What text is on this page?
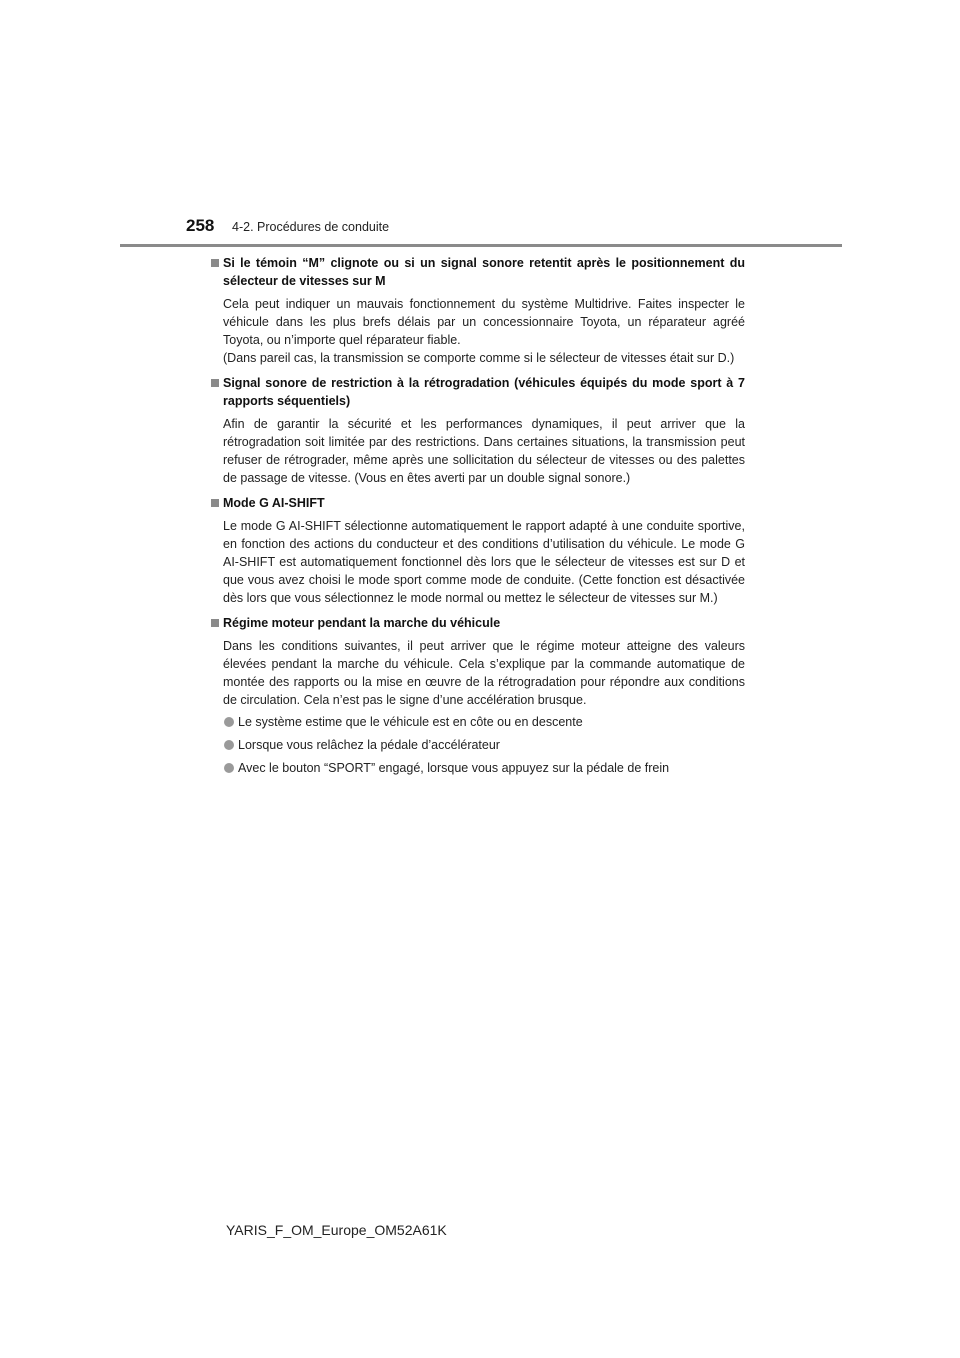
258 4-2. Procédures de conduite
Si le témoin “M” clignote ou si un signal sonore retentit après le positionnement du sélecteur de vitesses sur M

Cela peut indiquer un mauvais fonctionnement du système Multidrive. Faites inspecter le véhicule dans les plus brefs délais par un concessionnaire Toyota, un réparateur agréé Toyota, ou n’importe quel réparateur fiable.

(Dans pareil cas, la transmission se comporte comme si le sélecteur de vitesses était sur D.)

Signal sonore de restriction à la rétrogradation (véhicules équipés du mode sport à 7 rapports séquentiels)

Afin de garantir la sécurité et les performances dynamiques, il peut arriver que la rétrogradation soit limitée par des restrictions. Dans certaines situations, la transmission peut refuser de rétrograder, même après une sollicitation du sélecteur de vitesses ou des palettes de passage de vitesse. (Vous en êtes averti par un double signal sonore.)

Mode G AI-SHIFT

Le mode G AI-SHIFT sélectionne automatiquement le rapport adapté à une conduite sportive, en fonction des actions du conducteur et des conditions d’utilisation du véhicule. Le mode G AI-SHIFT est automatiquement fonctionnel dès lors que le sélecteur de vitesses est sur D et que vous avez choisi le mode sport comme mode de conduite. (Cette fonction est désactivée dès lors que vous sélectionnez le mode normal ou mettez le sélecteur de vitesses sur M.)

Régime moteur pendant la marche du véhicule

Dans les conditions suivantes, il peut arriver que le régime moteur atteigne des valeurs élevées pendant la marche du véhicule. Cela s’explique par la commande automatique de montée des rapports ou la mise en œuvre de la rétrogradation pour répondre aux conditions de circulation. Cela n’est pas le signe d’une accélération brusque.

Le système estime que le véhicule est en côte ou en descente
Lorsque vous relâchez la pédale d’accélérateur
Avec le bouton “SPORT” engagé, lorsque vous appuyez sur la pédale de frein
YARIS_F_OM_Europe_OM52A61K
